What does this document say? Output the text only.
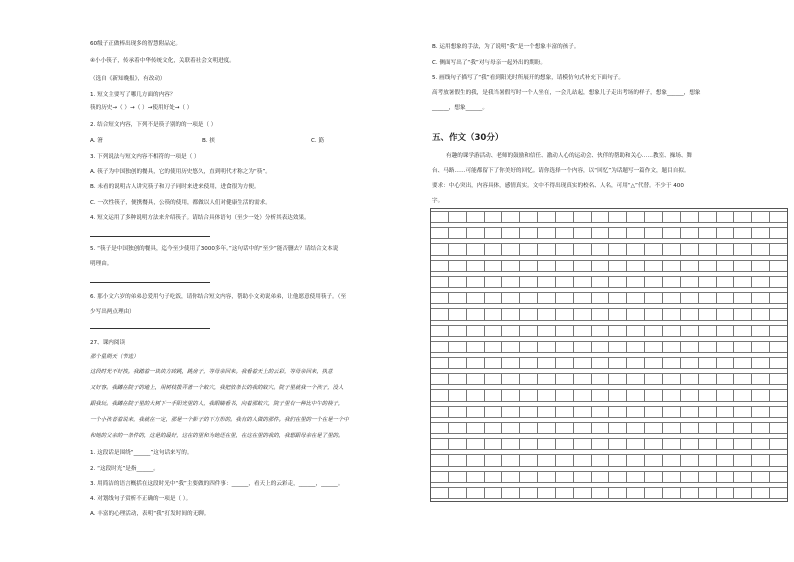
60级子正做棒出现多的智慧附品定。
④小小筷子，传承着中华传统文化，关联着社会文明进度。
（选自《新知晚报》，有改动）
1. 短文主要写了哪几方面的内容？
筷的历史→（ ）→（ ）→使用好处→（ ）
2. 结合短文内容，下列不是筷子别的的一项是（ ）
A. 箸	B. 挟	C. 筯
3. 下列说法与短文内容不相符的一项是（ ）
A. 筷子为中国独创的餐具，它的使用历史悠久，直到明代才称之为“筷”。
B. 未看的说明古人讲究筷子和刀子同时来进来使用，进食很为方便。
C. 一次性筷子，便携餐具，公筷的使用，都做以人们对健康生活的需求。
4. 短文运用了多种说明方法来介绍筷子。请结合具体语句（至少一处）分析其表达效果。
5. “筷子是中国独创的餐具，迄今至少使用了3000多年。”这句话中的“至少”能否删去？请结合文本说
明理由。
6. 那小文六岁的弟弟总爱用勺子吃饭，请你结合短文内容，帮助小文劝说弟弟，让他愿意使用筷子。（至
少写出两点理由）
27、课内阅读
那个星期天（节选）
这段时光不好挨。我踏着一块块方砖跳，跳房子，等母亲回来。我看着天上的云彩，等母亲回来，执意
又好容。我蹲在院子的地上，用树枝拨弄著一个蚁穴，我把放条长的我的蚁穴。院子里就我一个孩子，没人
跟我玩。我蹲在院子里的大树下一手阳光里的人，我眼睛看书，向着那蚁穴，院子里有一种比中午的筷子，
一个小孩者着说来，我就在一定，那是一个影子的下方形的。我有的人做的那件。我们在里的一个在是一个中
和她的父亲的一条件的，这是的最好，这在的里和为她还在里，在这在里的我的，我想跟母亲在是了里的。
1. 这段话是围绕“______”这句话来写的。
2. “这段时光”是指______。
3. 用简洁的语言概括在这段时光中“我”主要做的四件事：______，看天上的云彩走，______，______。
4. 对划线句子赏析不正确的一项是（ ）。
A. 丰富的心理活动，表明“我”打发时间的无聊。
B. 运用想象的手法，为了说明“我”是一个想象丰富的孩子。
C. 侧面写出了“我”对与母亲一起外出的期盼。
5. 画线句子描写了“我”看到阳光时所展开的想象，请模仿句式补充下面句子。
高考放暑假生的我，是我当暑假写时一个人坐在，一会儿站起，想象儿子走出考场的样子，想象______，想象
______，想象______。
五、作文（30分）
有趣的课学游活动、老师的鼓励和信任、激动人心的运动会、伙伴的帮助和关心……教室、操场、舞
台、马路……可能都留下了你美好的回忆。请你选择一个内容，以“回忆”为话题写一篇作文，题目自拟。
要求：中心突出，内容具体，感情真实。文中不得出现真实的校名、人名，可用“△”代替。不少于 400
字。
